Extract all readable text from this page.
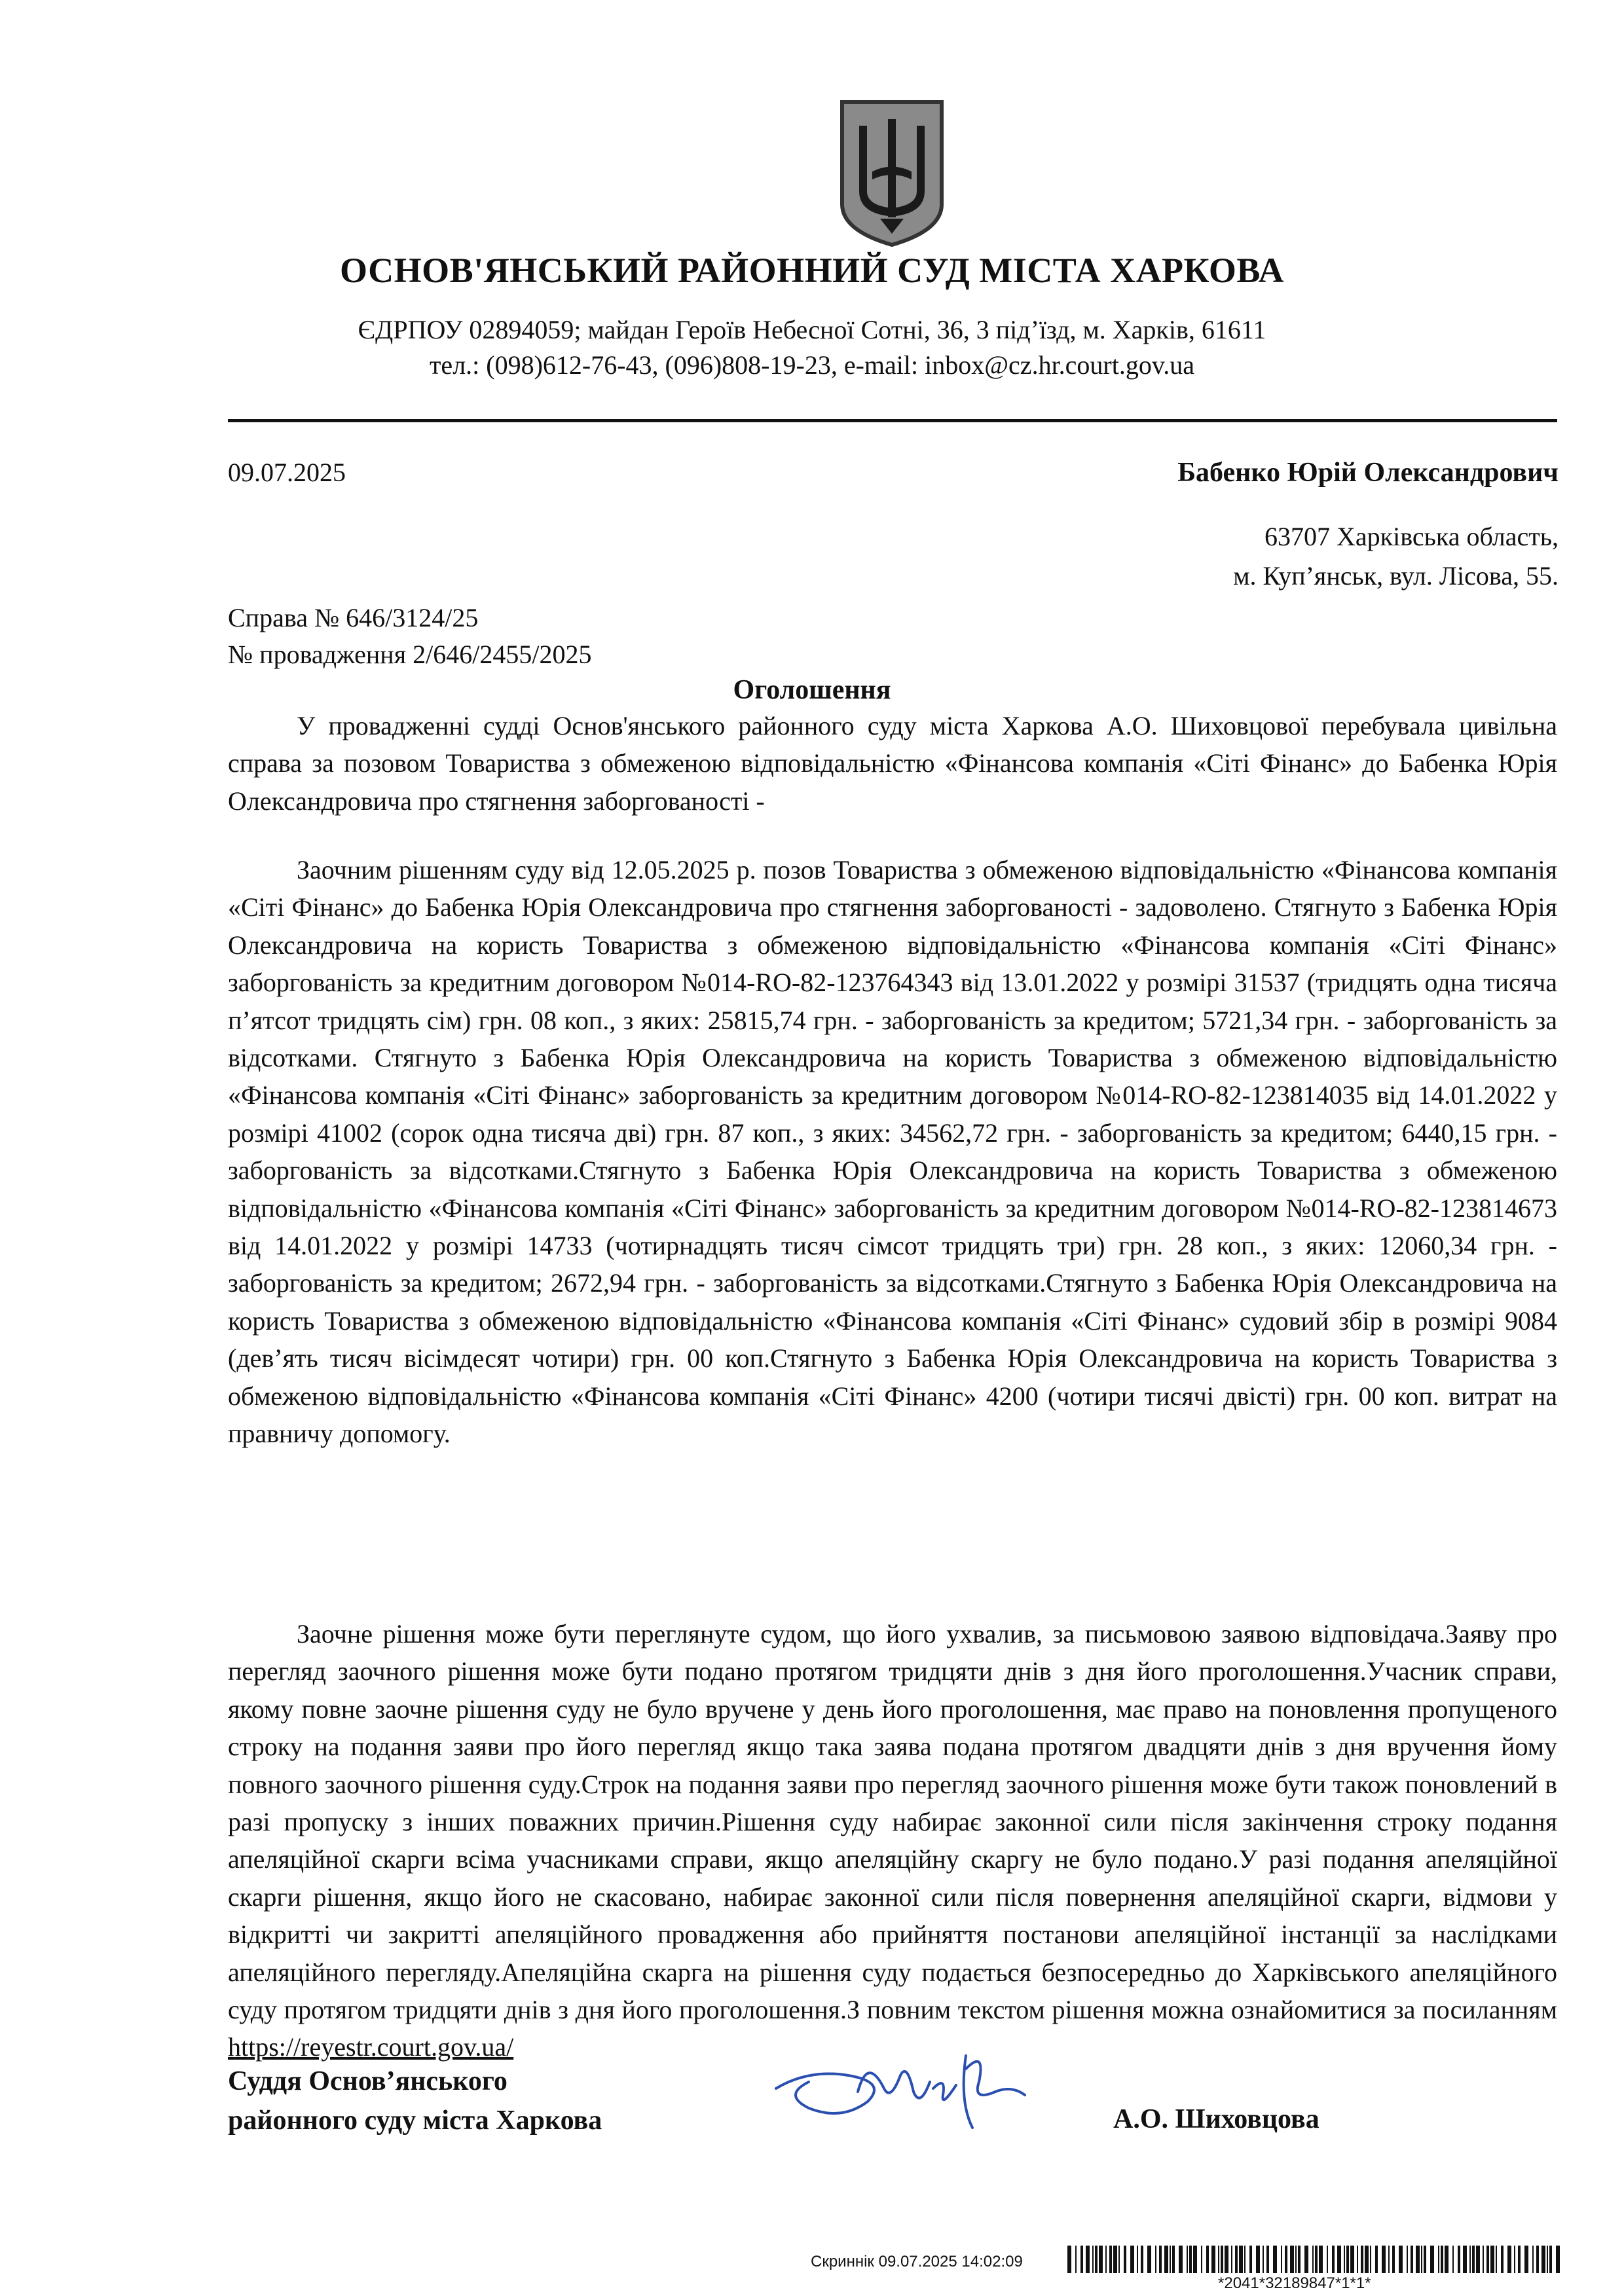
ОСНОВ'ЯНСЬКИЙ РАЙОННИЙ СУД МІСТА ХАРКОВА
ЄДРПОУ 02894059; майдан Героїв Небесної Сотні, 36, 3 під’їзд, м. Харків, 61611
тел.: (098)612-76-43, (096)808-19-23, e-mail: inbox@cz.hr.court.gov.ua
09.07.2025	Бабенко Юрій Олександрович
63707 Харківська область,
м. Куп’янськ, вул. Лісова, 55.
Справа № 646/3124/25
№ провадження 2/646/2455/2025
Оголошення

У провадженні судді Основ'янського районного суду міста Харкова А.О. Шиховцової перебувала цивільна справа за позовом Товариства з обмеженою відповідальністю «Фінансова компанія «Сіті Фінанс» до Бабенка Юрія Олександровича про стягнення заборгованості -

Заочним рішенням суду від 12.05.2025 р. позов Товариства з обмеженою відповідальністю «Фінансова компанія «Сіті Фінанс» до Бабенка Юрія Олександровича про стягнення заборгованості - задоволено. Стягнуто з Бабенка Юрія Олександровича на користь Товариства з обмеженою відповідальністю «Фінансова компанія «Сіті Фінанс» заборгованість за кредитним договором №014-RO-82-123764343 від 13.01.2022 у розмірі 31537 (тридцять одна тисяча п’ятсот тридцять сім) грн. 08 коп., з яких: 25815,74 грн. - заборгованість за кредитом; 5721,34 грн. - заборгованість за відсотками. Стягнуто з Бабенка Юрія Олександровича на користь Товариства з обмеженою відповідальністю «Фінансова компанія «Сіті Фінанс» заборгованість за кредитним договором №014-RO-82-123814035 від 14.01.2022 у розмірі 41002 (сорок одна тисяча дві) грн. 87 коп., з яких: 34562,72 грн. - заборгованість за кредитом; 6440,15 грн. - заборгованість за відсотками.Стягнуто з Бабенка Юрія Олександровича на користь Товариства з обмеженою відповідальністю «Фінансова компанія «Сіті Фінанс» заборгованість за кредитним договором №014-RO-82-123814673 від 14.01.2022 у розмірі 14733 (чотирнадцять тисяч сімсот тридцять три) грн. 28 коп., з яких: 12060,34 грн. - заборгованість за кредитом; 2672,94 грн. - заборгованість за відсотками.Стягнуто з Бабенка Юрія Олександровича на користь Товариства з обмеженою відповідальністю «Фінансова компанія «Сіті Фінанс» судовий збір в розмірі 9084 (дев’ять тисяч вісімдесят чотири) грн. 00 коп.Стягнуто з Бабенка Юрія Олександровича на користь Товариства з обмеженою відповідальністю «Фінансова компанія «Сіті Фінанс» 4200 (чотири тисячі двісті) грн. 00 коп. витрат на правничу допомогу.

Заочне рішення може бути переглянуте судом, що його ухвалив, за письмовою заявою відповідача.Заяву про перегляд заочного рішення може бути подано протягом тридцяти днів з дня його проголошення.Учасник справи, якому повне заочне рішення суду не було вручене у день його проголошення, має право на поновлення пропущеного строку на подання заяви про його перегляд якщо така заява подана протягом двадцяти днів з дня вручення йому повного заочного рішення суду.Строк на подання заяви про перегляд заочного рішення може бути також поновлений в разі пропуску з інших поважних причин.Рішення суду набирає законної сили після закінчення строку подання апеляційної скарги всіма учасниками справи, якщо апеляційну скаргу не було подано.У разі подання апеляційної скарги рішення, якщо його не скасовано, набирає законної сили після повернення апеляційної скарги, відмови у відкритті чи закритті апеляційного провадження або прийняття постанови апеляційної інстанції за наслідками апеляційного перегляду.Апеляційна скарга на рішення суду подається безпосередньо до Харківського апеляційного суду протягом тридцяти днів з дня його проголошення.З повним текстом рішення можна ознайомитися за посиланням https://reyestr.court.gov.ua/

Суддя Основ’янського
районного суду міста Харкова	А.О. Шиховцова
Скриннік 09.07.2025 14:02:09
*2041*32189847*1*1*
